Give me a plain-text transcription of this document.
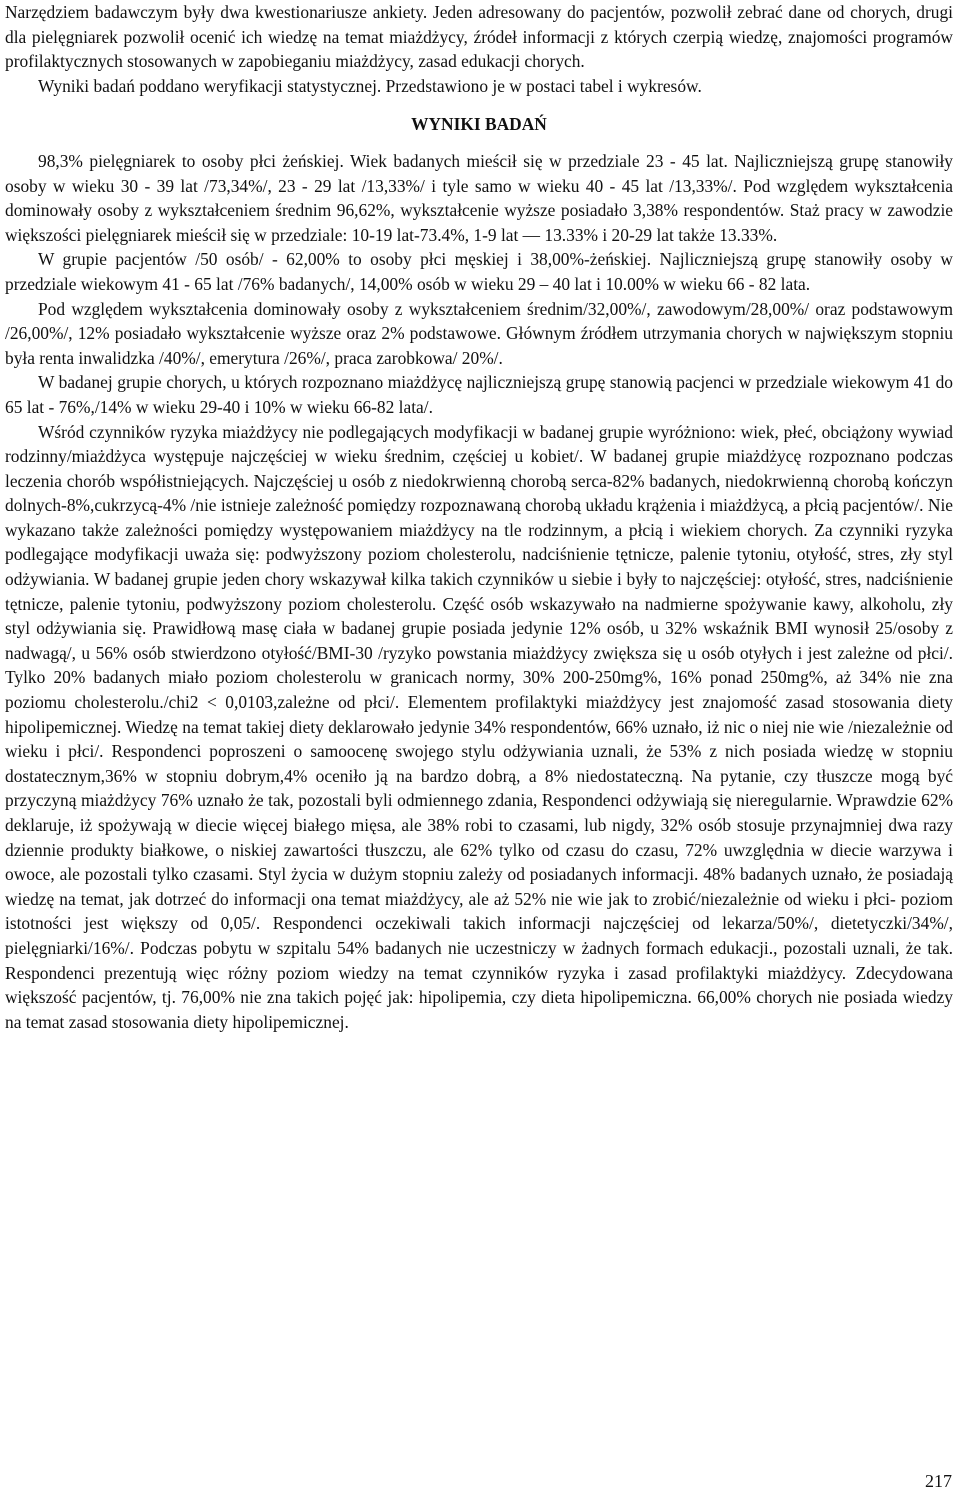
Narzędziem badawczym były dwa kwestionariusze ankiety. Jeden adresowany do pacjentów, pozwolił zebrać dane od chorych, drugi dla pielęgniarek pozwolił ocenić ich wiedzę na temat miażdżycy, źródeł informacji z których czerpią wiedzę, znajomości programów profilaktycznych stosowanych w zapobieganiu miażdżycy, zasad edukacji chorych.

Wyniki badań poddano weryfikacji statystycznej. Przedstawiono je w postaci tabel i wykresów.

WYNIKI BADAŃ

98,3% pielęgniarek to osoby płci żeńskiej. Wiek badanych mieścił się w przedziale 23 - 45 lat. Najliczniejszą grupę stanowiły osoby w wieku 30 - 39 lat /73,34%/, 23 - 29 lat /13,33%/ i tyle samo w wieku 40 - 45 lat /13,33%/. Pod względem wykształcenia dominowały osoby z wykształceniem średnim 96,62%, wykształcenie wyższe posiadało 3,38% respondentów. Staż pracy w zawodzie większości pielęgniarek mieścił się w przedziale: 10-19 lat-73.4%, 1-9 lat — 13.33% i 20-29 lat także 13.33%.

W grupie pacjentów /50 osób/ - 62,00% to osoby płci męskiej i 38,00%-żeńskiej. Najliczniejszą grupę stanowiły osoby w przedziale wiekowym 41 - 65 lat /76% badanych/, 14,00% osób w wieku 29 – 40 lat i 10.00% w wieku 66 - 82 lata.

Pod względem wykształcenia dominowały osoby z wykształceniem średnim/32,00%/, zawodowym/28,00%/ oraz podstawowym /26,00%/, 12% posiadało wykształcenie wyższe oraz 2% podstawowe. Głównym źródłem utrzymania chorych w największym stopniu była renta inwalidzka /40%/, emerytura /26%/, praca zarobkowa/ 20%/.

W badanej grupie chorych, u których rozpoznano miażdżycę najliczniejszą grupę stanowią pacjenci w przedziale wiekowym 41 do 65 lat - 76%,/14% w wieku 29-40 i 10% w wieku 66-82 lata/.

Wśród czynników ryzyka miażdżycy nie podlegających modyfikacji w badanej grupie wyróżniono: wiek, płeć, obciążony wywiad rodzinny/miażdżyca występuje najczęściej w wieku średnim, częściej u kobiet/. W badanej grupie miażdżycę rozpoznano podczas leczenia chorób współistniejących. Najczęściej u osób z niedokrwienną chorobą serca-82% badanych, niedokrwienną chorobą kończyn dolnych-8%,cukrzycą-4% /nie istnieje zależność pomiędzy rozpoznawaną chorobą układu krążenia i miażdżycą, a płcią pacjentów/. Nie wykazano także zależności pomiędzy występowaniem miażdżycy na tle rodzinnym, a płcią i wiekiem chorych. Za czynniki ryzyka podlegające modyfikacji uważa się: podwyższony poziom cholesterolu, nadciśnienie tętnicze, palenie tytoniu, otyłość, stres, zły styl odżywiania. W badanej grupie jeden chory wskazywał kilka takich czynników u siebie i były to najczęściej: otyłość, stres, nadciśnienie tętnicze, palenie tytoniu, podwyższony poziom cholesterolu. Część osób wskazywało na nadmierne spożywanie kawy, alkoholu, zły styl odżywiania się. Prawidłową masę ciała w badanej grupie posiada jedynie 12% osób, u 32% wskaźnik BMI wynosił 25/osoby z nadwagą/, u 56% osób stwierdzono otyłość/BMI-30 /ryzyko powstania miażdżycy zwiększa się u osób otyłych i jest zależne od płci/. Tylko 20% badanych miało poziom cholesterolu w granicach normy, 30% 200-250mg%, 16% ponad 250mg%, aż 34% nie zna poziomu cholesterolu./chi2 < 0,0103,zależne od płci/. Elementem profilaktyki miażdżycy jest znajomość zasad stosowania diety hipolipemicznej. Wiedzę na temat takiej diety deklarowało jedynie 34% respondentów, 66% uznało, iż nic o niej nie wie /niezależnie od wieku i płci/. Respondenci poproszeni o samoocenę swojego stylu odżywiania uznali, że 53% z nich posiada wiedzę w stopniu dostatecznym,36% w stopniu dobrym,4% oceniło ją na bardzo dobrą, a 8% niedostateczną. Na pytanie, czy tłuszcze mogą być przyczyną miażdżycy 76% uznało że tak, pozostali byli odmiennego zdania, Respondenci odżywiają się nieregularnie. Wprawdzie 62% deklaruje, iż spożywają w diecie więcej białego mięsa, ale 38% robi to czasami, lub nigdy, 32% osób stosuje przynajmniej dwa razy dziennie produkty białkowe, o niskiej zawartości tłuszczu, ale 62% tylko od czasu do czasu, 72% uwzględnia w diecie warzywa i owoce, ale pozostali tylko czasami. Styl życia w dużym stopniu zależy od posiadanych informacji. 48% badanych uznało, że posiadają wiedzę na temat, jak dotrzeć do informacji ona temat miażdżycy, ale aż 52% nie wie jak to zrobić/niezależnie od wieku i płci- poziom istotności jest większy od 0,05/. Respondenci oczekiwali takich informacji najczęściej od lekarza/50%/, dietetyczki/34%/, pielęgniarki/16%/. Podczas pobytu w szpitalu 54% badanych nie uczestniczy w żadnych formach edukacji., pozostali uznali, że tak. Respondenci prezentują więc różny poziom wiedzy na temat czynników ryzyka i zasad profilaktyki miażdżycy. Zdecydowana większość pacjentów, tj. 76,00% nie zna takich pojęć jak: hipolipemia, czy dieta hipolipemiczna. 66,00% chorych nie posiada wiedzy na temat zasad stosowania diety hipolipemicznej.

217
